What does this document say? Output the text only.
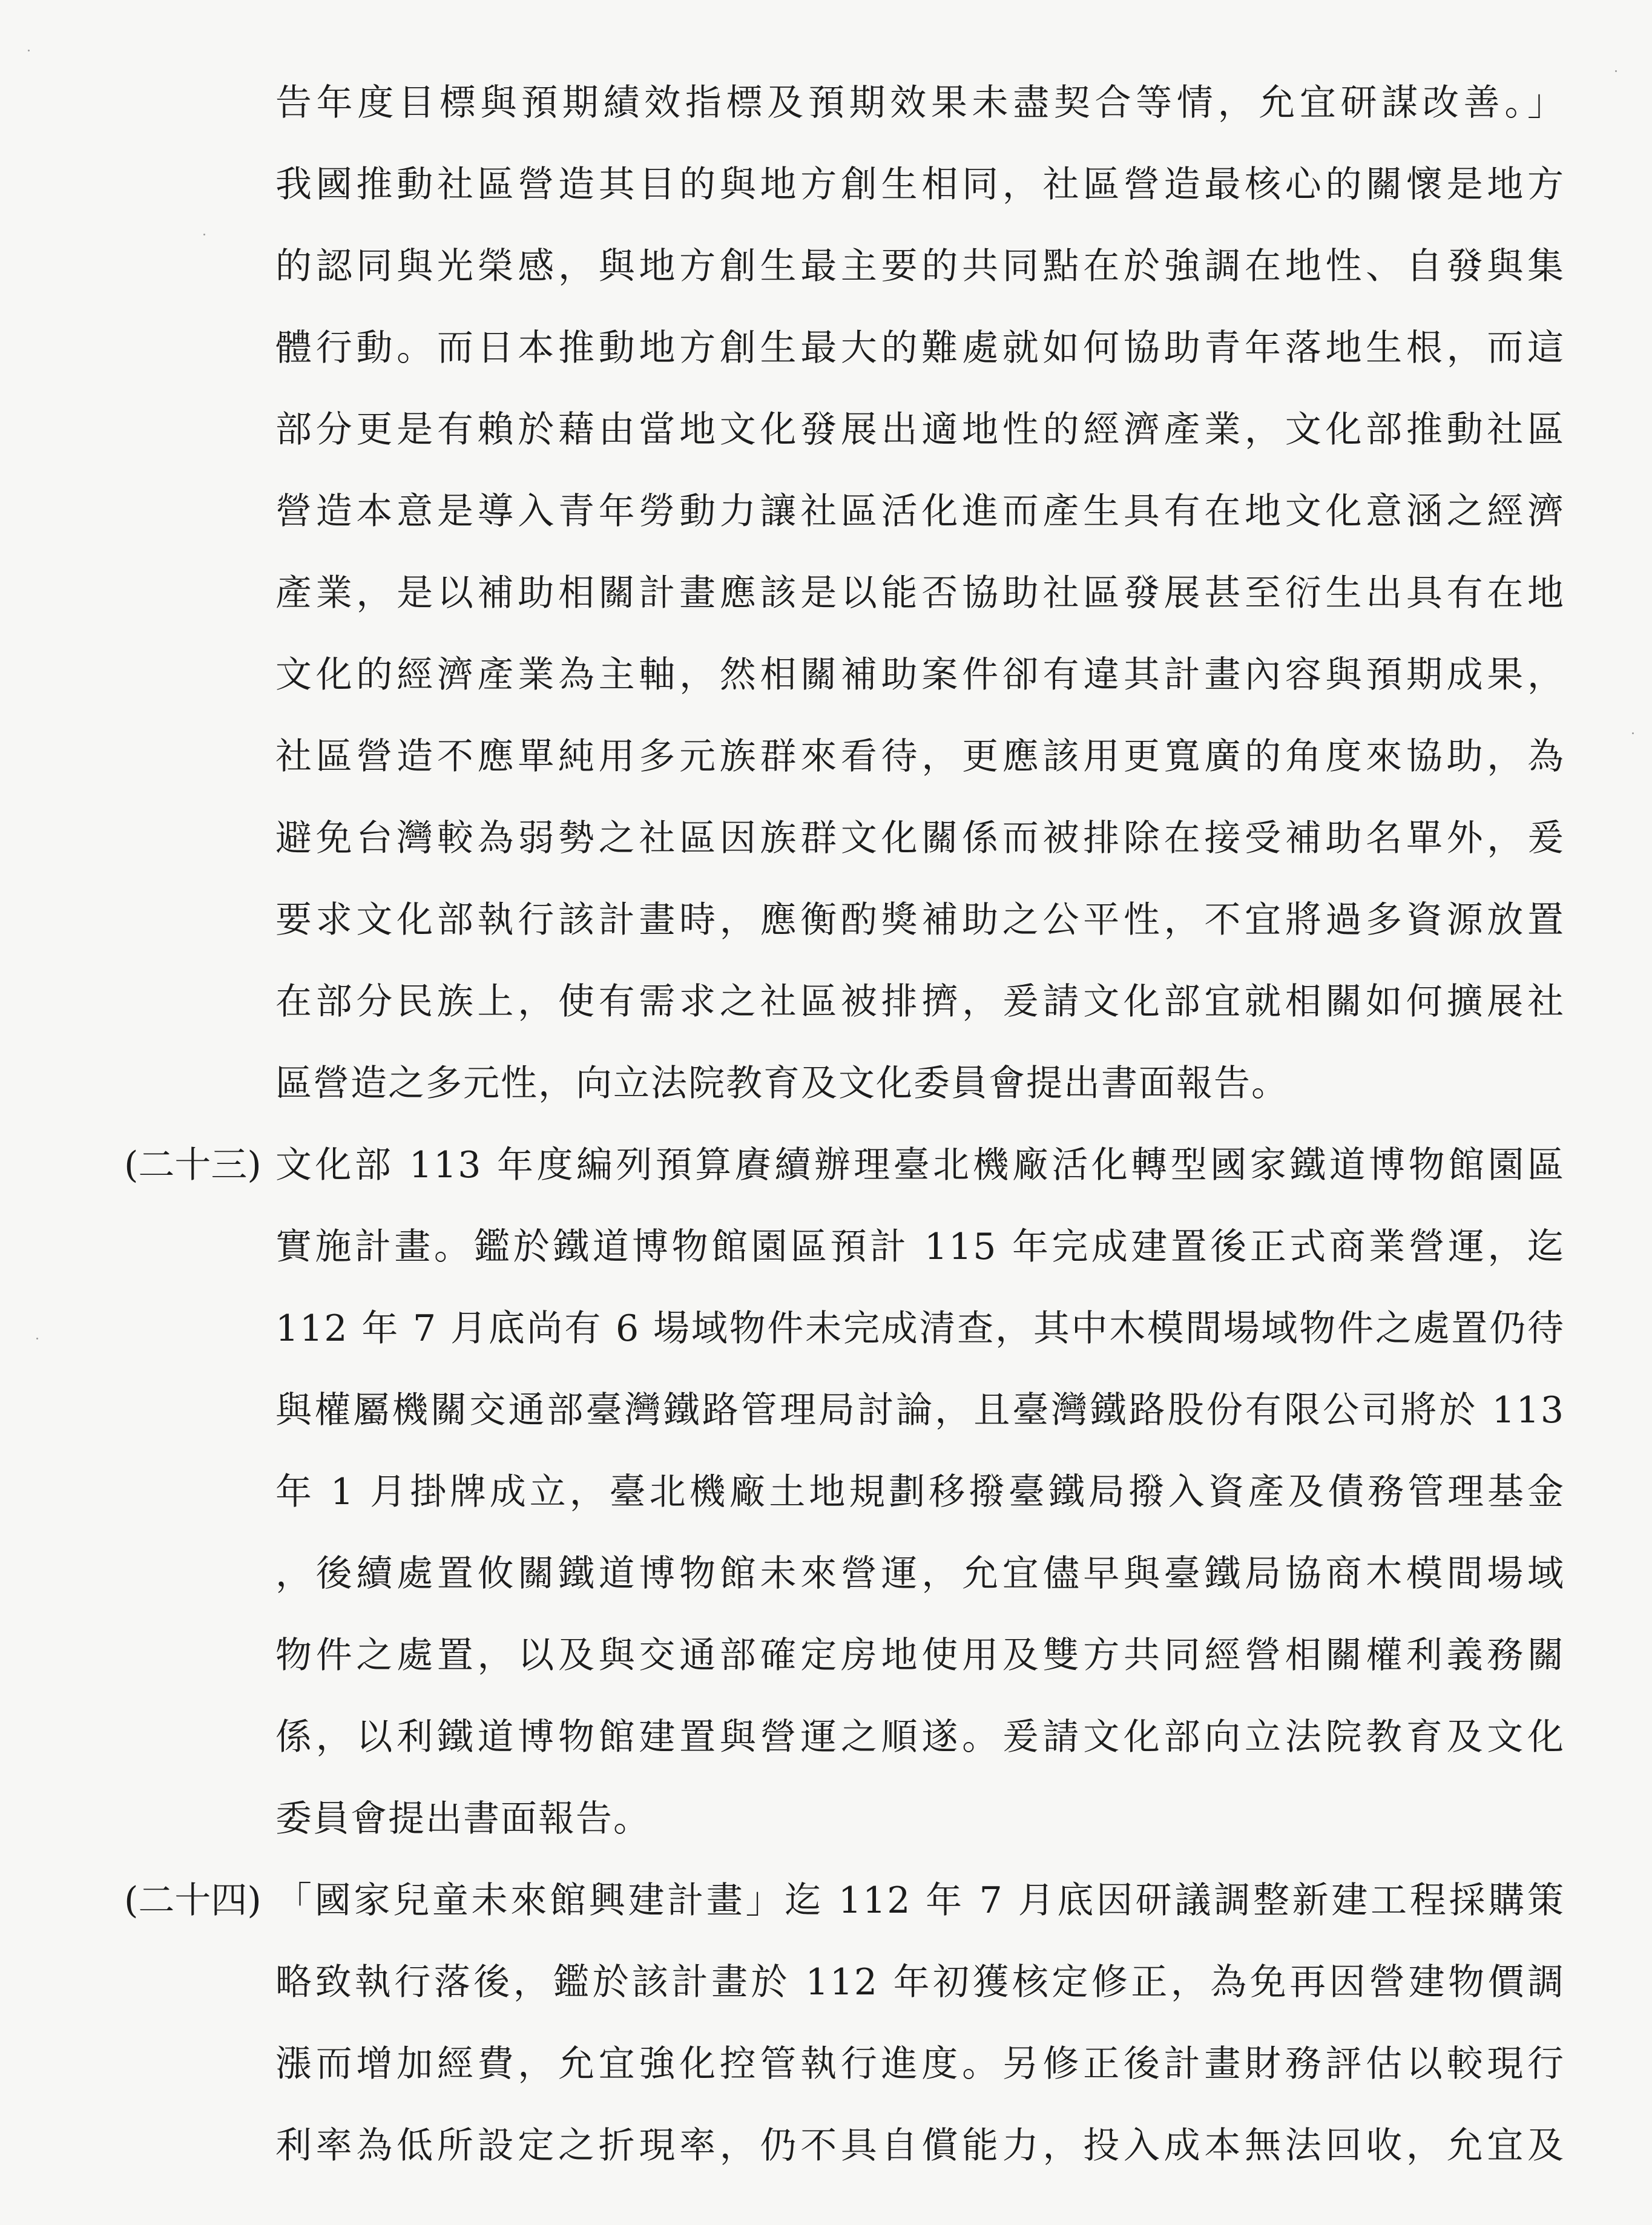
告年度目標與預期績效指標及預期效果未盡契合等情，允宜研謀改善。」
我國推動社區營造其目的與地方創生相同，社區營造最核心的關懷是地方
的認同與光榮感，與地方創生最主要的共同點在於強調在地性、自發與集
體行動。而日本推動地方創生最大的難處就如何協助青年落地生根，而這
部分更是有賴於藉由當地文化發展出適地性的經濟產業，文化部推動社區
營造本意是導入青年勞動力讓社區活化進而產生具有在地文化意涵之經濟
產業，是以補助相關計畫應該是以能否協助社區發展甚至衍生出具有在地
文化的經濟產業為主軸，然相關補助案件卻有違其計畫內容與預期成果，
社區營造不應單純用多元族群來看待，更應該用更寬廣的角度來協助，為
避免台灣較為弱勢之社區因族群文化關係而被排除在接受補助名單外，爰
要求文化部執行該計畫時，應衡酌獎補助之公平性，不宜將過多資源放置
在部分民族上，使有需求之社區被排擠，爰請文化部宜就相關如何擴展社
區營造之多元性，向立法院教育及文化委員會提出書面報告。
(二十三) 文化部 113 年度編列預算賡續辦理臺北機廠活化轉型國家鐵道博物館園區
實施計畫。鑑於鐵道博物館園區預計 115 年完成建置後正式商業營運，迄
112 年 7 月底尚有 6 場域物件未完成清查，其中木模間場域物件之處置仍待
與權屬機關交通部臺灣鐵路管理局討論，且臺灣鐵路股份有限公司將於 113
年 1 月掛牌成立，臺北機廠土地規劃移撥臺鐵局撥入資產及債務管理基金
，後續處置攸關鐵道博物館未來營運，允宜儘早與臺鐵局協商木模間場域
物件之處置，以及與交通部確定房地使用及雙方共同經營相關權利義務關
係，以利鐵道博物館建置與營運之順遂。爰請文化部向立法院教育及文化
委員會提出書面報告。
(二十四) 「國家兒童未來館興建計畫」迄 112 年 7 月底因研議調整新建工程採購策
略致執行落後，鑑於該計畫於 112 年初獲核定修正，為免再因營建物價調
漲而增加經費，允宜強化控管執行進度。另修正後計畫財務評估以較現行
利率為低所設定之折現率，仍不具自償能力，投入成本無法回收，允宜及
